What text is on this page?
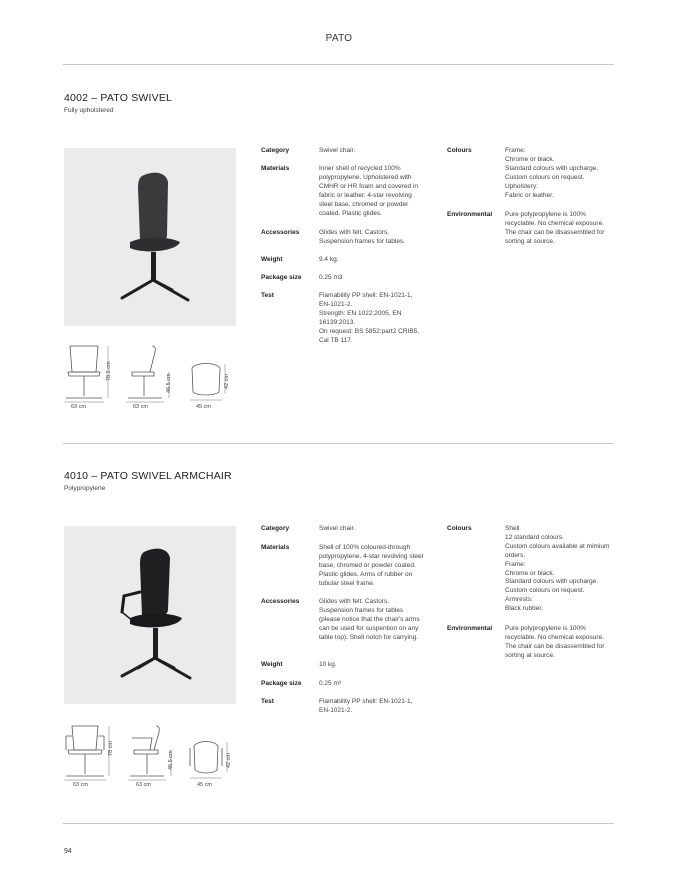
PATO
4002 – PATO SWIVEL
Fully upholstered
Category	Swivel chair.
Materials	Inner shell of recycled 100%
polypropylene. Upholstered with
CMHR or HR foam and covered in
fabric or leather. 4-star revolving
steel base, chromed or powder
coated. Plastic glides.
Accessories	Glides with felt. Castors.
Suspension frames for tables.
Weight	9.4 kg.
Package size	0.25 m3
Test	Flamability PP shell: EN-1021-1,
EN-1021-2.
Strength: EN 1022:2005, EN
16139:2013.
On request: BS 5852:part2 CRIB5,
Cal TB 117.
Colours	Frame:
Chrome or black.
Standard colours with upcharge.
Custom colours on request.
Upholstery:
Fabric or leather.
Environmental Pure polypropylene is 100%
recyclable. No chemical exposure.
The chair can be disassembled for
sorting at source.
78.5 cm
63 cm
46.5 cm
63 cm
42 cm
45 cm
4010 – PATO SWIVEL ARMCHAIR
Polypropylene
Category	Swivel chair.
Materials	Shell of 100% coloured-through
polypropylene. 4-star revolving steel
base, chromed or powder coated.
Plastic glides. Arms of rubber on
tubular steel frame.
Accessories	Glides with felt. Castors.
Suspension frames for tables
(please notice that the chair's arms
can be used for suspention on any
table top). Shell notch for carrying.
Weight	10 kg.
Package size	0.25 m³
Test	Flamability PP shell: EN-1021-1,
EN-1021-2.
Colours	Shell
12 standard colours.
Custom colours available at mimium
orders.
Frame:
Chrome or black.
Standard colours with upcharge.
Custom colours on request.
Armrests:
Black rubber.
Environmental Pure polypropylene is 100%
recyclable. No chemical exposure.
The chair can be disassembled for
sorting at source.
78 cm
63 cm
46.5 cm
63 cm
42 cm
45 cm
94
